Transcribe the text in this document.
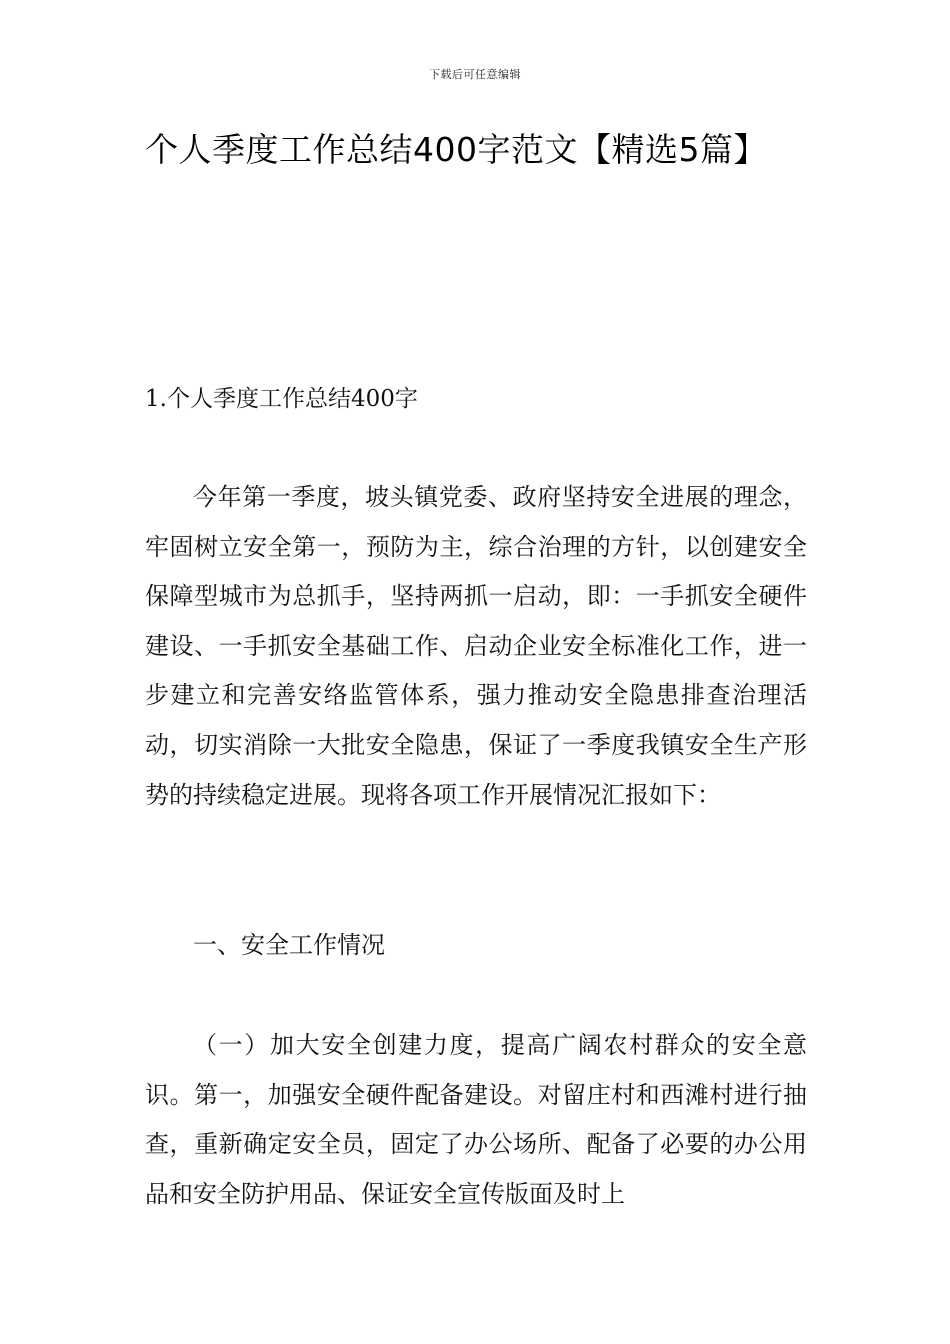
下载后可任意编辑
个人季度工作总结400字范文【精选5篇】
1.个人季度工作总结400字

今年第一季度，坡头镇党委、政府坚持安全进展的理念，牢固树立安全第一，预防为主，综合治理的方针，以创建安全保障型城市为总抓手，坚持两抓一启动，即：一手抓安全硬件建设、一手抓安全基础工作、启动企业安全标准化工作，进一步建立和完善安络监管体系，强力推动安全隐患排查治理活动，切实消除一大批安全隐患，保证了一季度我镇安全生产形势的持续稳定进展。现将各项工作开展情况汇报如下：

一、安全工作情况

（一）加大安全创建力度，提高广阔农村群众的安全意识。第一，加强安全硬件配备建设。对留庄村和西滩村进行抽查，重新确定安全员，固定了办公场所、配备了必要的办公用品和安全防护用品、保证安全宣传版面及时上
